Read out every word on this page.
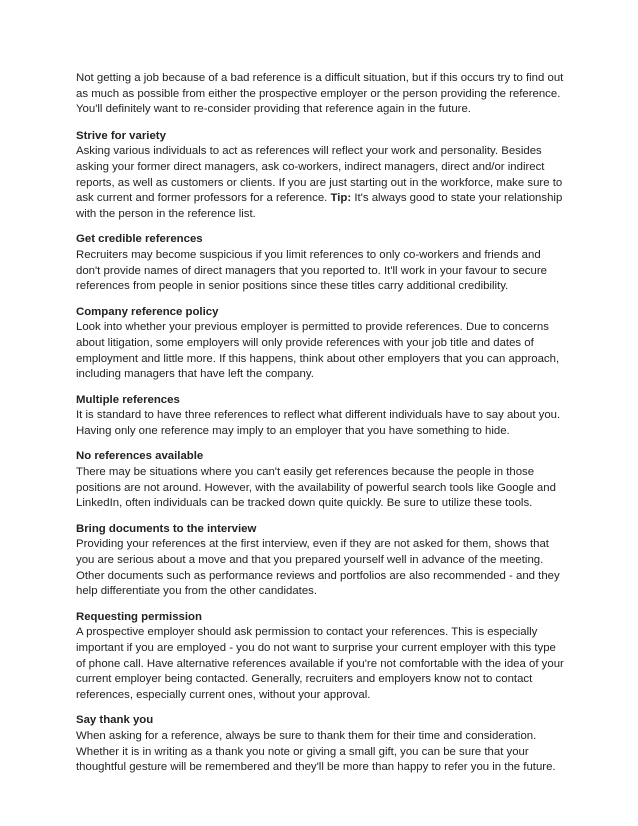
Not getting a job because of a bad reference is a difficult situation, but if this occurs try to find out as much as possible from either the prospective employer or the person providing the reference. You'll definitely want to re-consider providing that reference again in the future.

Strive for variety

Asking various individuals to act as references will reflect your work and personality. Besides asking your former direct managers, ask co-workers, indirect managers, direct and/or indirect reports, as well as customers or clients. If you are just starting out in the workforce, make sure to ask current and former professors for a reference. Tip: It's always good to state your relationship with the person in the reference list.

Get credible references

Recruiters may become suspicious if you limit references to only co-workers and friends and don't provide names of direct managers that you reported to. It'll work in your favour to secure references from people in senior positions since these titles carry additional credibility.

Company reference policy

Look into whether your previous employer is permitted to provide references. Due to concerns about litigation, some employers will only provide references with your job title and dates of employment and little more. If this happens, think about other employers that you can approach, including managers that have left the company.

Multiple references

It is standard to have three references to reflect what different individuals have to say about you. Having only one reference may imply to an employer that you have something to hide.

No references available

There may be situations where you can't easily get references because the people in those positions are not around. However, with the availability of powerful search tools like Google and LinkedIn, often individuals can be tracked down quite quickly. Be sure to utilize these tools.

Bring documents to the interview

Providing your references at the first interview, even if they are not asked for them, shows that you are serious about a move and that you prepared yourself well in advance of the meeting. Other documents such as performance reviews and portfolios are also recommended - and they help differentiate you from the other candidates.

Requesting permission

A prospective employer should ask permission to contact your references. This is especially important if you are employed - you do not want to surprise your current employer with this type of phone call. Have alternative references available if you're not comfortable with the idea of your current employer being contacted. Generally, recruiters and employers know not to contact references, especially current ones, without your approval.

Say thank you

When asking for a reference, always be sure to thank them for their time and consideration. Whether it is in writing as a thank you note or giving a small gift, you can be sure that your thoughtful gesture will be remembered and they'll be more than happy to refer you in the future.
